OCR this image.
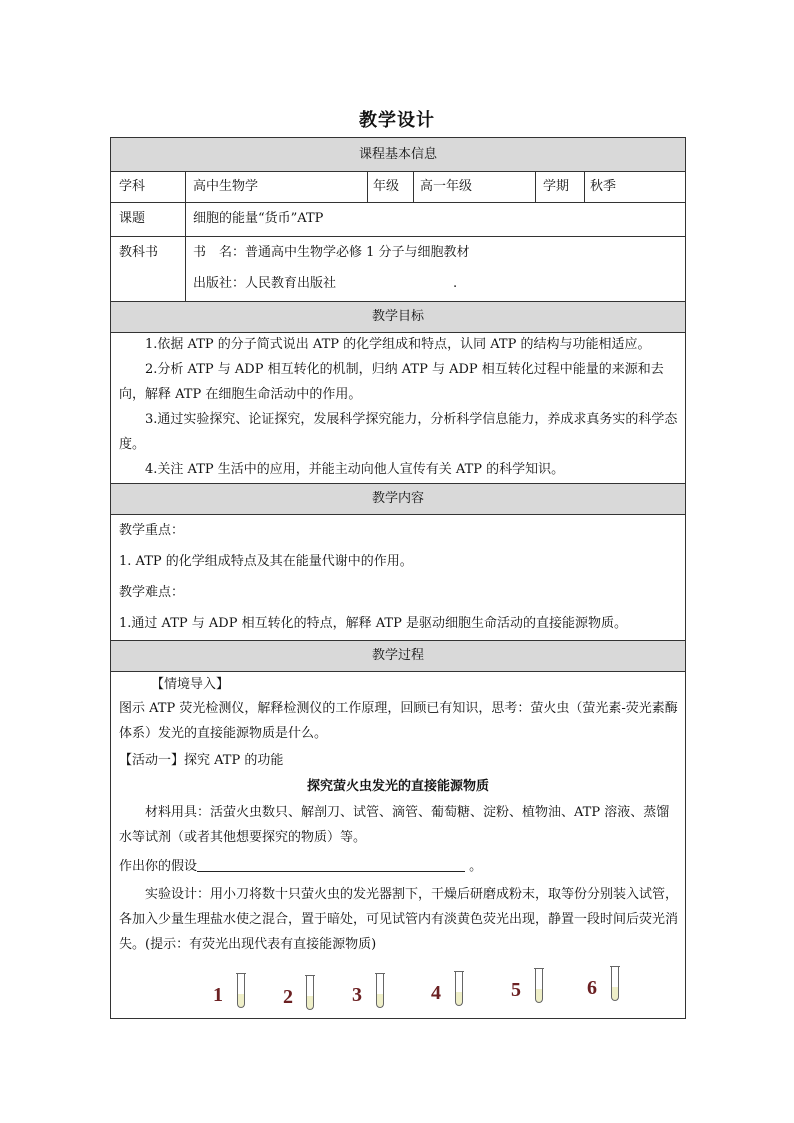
教学设计
课程基本信息
教学目标
教学内容
教学过程
学科	高中生物学	年级 高一年级	学期 秋季
课题	细胞的能量“货币”ATP
教科书	书　名：普通高中生物学必修 1 分子与细胞教材
出版社：人民教育出版社	.
1.依据 ATP 的分子简式说出 ATP 的化学组成和特点，认同 ATP 的结构与功能相适应。
2.分析 ATP 与 ADP 相互转化的机制，归纳 ATP 与 ADP 相互转化过程中能量的来源和去向，解释 ATP 在细胞生命活动中的作用。
3.通过实验探究、论证探究，发展科学探究能力，分析科学信息能力，养成求真务实的科学态度。
4.关注 ATP 生活中的应用，并能主动向他人宣传有关 ATP 的科学知识。
教学重点：
1. ATP 的化学组成特点及其在能量代谢中的作用。
教学难点：
1.通过 ATP 与 ADP 相互转化的特点，解释 ATP 是驱动细胞生命活动的直接能源物质。
【情境导入】
图示 ATP 荧光检测仪，解释检测仪的工作原理，回顾已有知识，思考：萤火虫（萤光素-荧光素酶体系）发光的直接能源物质是什么。
【活动一】探究 ATP 的功能
探究萤火虫发光的直接能源物质
材料用具：活萤火虫数只、解剖刀、试管、滴管、葡萄糖、淀粉、植物油、ATP 溶液、蒸馏水等试剂（或者其他想要探究的物质）等。
作出你的假设	。
实验设计：用小刀将数十只萤火虫的发光器割下，干燥后研磨成粉末，取等份分别装入试管，各加入少量生理盐水使之混合，置于暗处，可见试管内有淡黄色荧光出现，静置一段时间后荧光消失。(提示：有荧光出现代表有直接能源物质)
1	2	3	4	5	6
